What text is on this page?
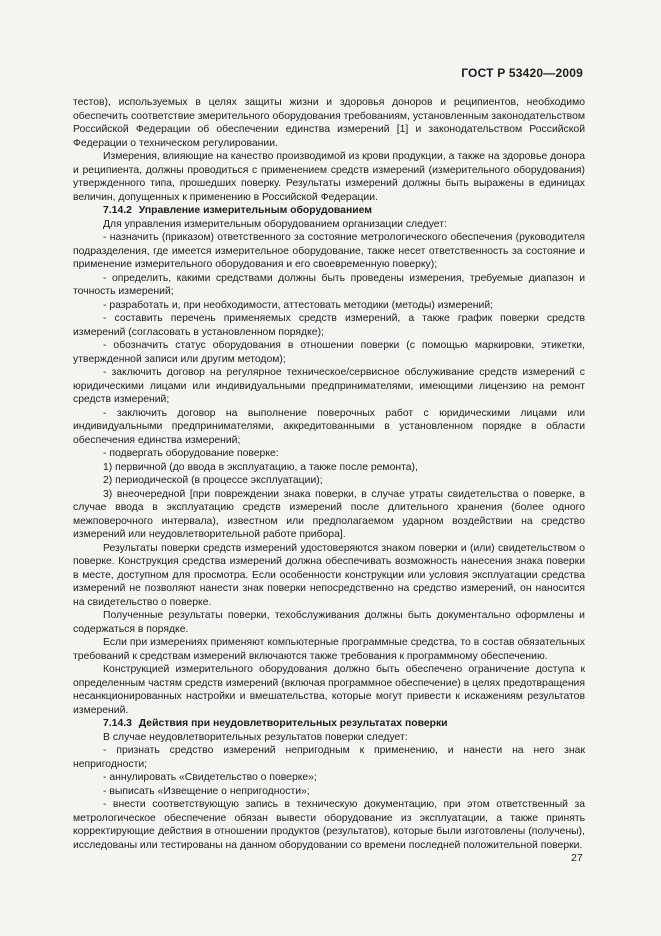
ГОСТ Р 53420—2009

тестов), используемых в целях защиты жизни и здоровья доноров и реципиентов, необходимо обеспечить соответствие змерительного оборудования требованиям, установленным законодательством Российской Федерации об обеспечении единства измерений [1] и законодательством Российской Федерации о техническом регулировании.

Измерения, влияющие на качество производимой из крови продукции, а также на здоровье донора и реципиента, должны проводиться с применением средств измерений (измерительного оборудования) утвержденного типа, прошедших поверку. Результаты измерений должны быть выражены в единицах величин, допущенных к применению в Российской Федерации.

7.14.2 Управление измерительным оборудованием

Для управления измерительным оборудованием организации следует:

- назначить (приказом) ответственного за состояние метрологического обеспечения (руководителя подразделения, где имеется измерительное оборудование, также несет ответственность за состояние и применение измерительного оборудования и его своевременную поверку);

- определить, какими средствами должны быть проведены измерения, требуемые диапазон и точность измерений;

- разработать и, при необходимости, аттестовать методики (методы) измерений;

- составить перечень применяемых средств измерений, а также график поверки средств измерений (согласовать в установленном порядке);

- обозначить статус оборудования в отношении поверки (с помощью маркировки, этикетки, утвержденной записи или другим методом);

- заключить договор на регулярное техническое/сервисное обслуживание средств измерений с юридическими лицами или индивидуальными предпринимателями, имеющими лицензию на ремонт средств измерений;

- заключить договор на выполнение поверочных работ с юридическими лицами или индивидуальными предпринимателями, аккредитованными в установленном порядке в области обеспечения единства измерений;

- подвергать оборудование поверке:

1) первичной (до ввода в эксплуатацию, а также после ремонта),

2) периодической (в процессе эксплуатации);

3) внеочередной [при повреждении знака поверки, в случае утраты свидетельства о поверке, в случае ввода в эксплуатацию средств измерений после длительного хранения (более одного межповерочного интервала), известном или предполагаемом ударном воздействии на средство измерений или неудовлетворительной работе прибора].

Результаты поверки средств измерений удостоверяются знаком поверки и (или) свидетельством о поверке. Конструкция средства измерений должна обеспечивать возможность нанесения знака поверки в месте, доступном для просмотра. Если особенности конструкции или условия эксплуатации средства измерений не позволяют нанести знак поверки непосредственно на средство измерений, он наносится на свидетельство о поверке.

Полученные результаты поверки, техобслуживания должны быть документально оформлены и содержаться в порядке.

Если при измерениях применяют компьютерные программные средства, то в состав обязательных требований к средствам измерений включаются также требования к программному обеспечению.

Конструкцией измерительного оборудования должно быть обеспечено ограничение доступа к определенным частям средств измерений (включая программное обеспечение) в целях предотвращения несанкционированных настройки и вмешательства, которые могут привести к искажениям результатов измерений.

7.14.3 Действия при неудовлетворительных результатах поверки

В случае неудовлетворительных результатов поверки следует:

- признать средство измерений непригодным к применению, и нанести на него знак непригодности;

- аннулировать «Свидетельство о поверке»;

- выписать «Извещение о непригодности»;

- внести соответствующую запись в техническую документацию, при этом ответственный за метрологическое обеспечение обязан вывести оборудование из эксплуатации, а также принять корректирующие действия в отношении продуктов (результатов), которые были изготовлены (получены), исследованы или тестированы на данном оборудовании со времени последней положительной поверки.

27
